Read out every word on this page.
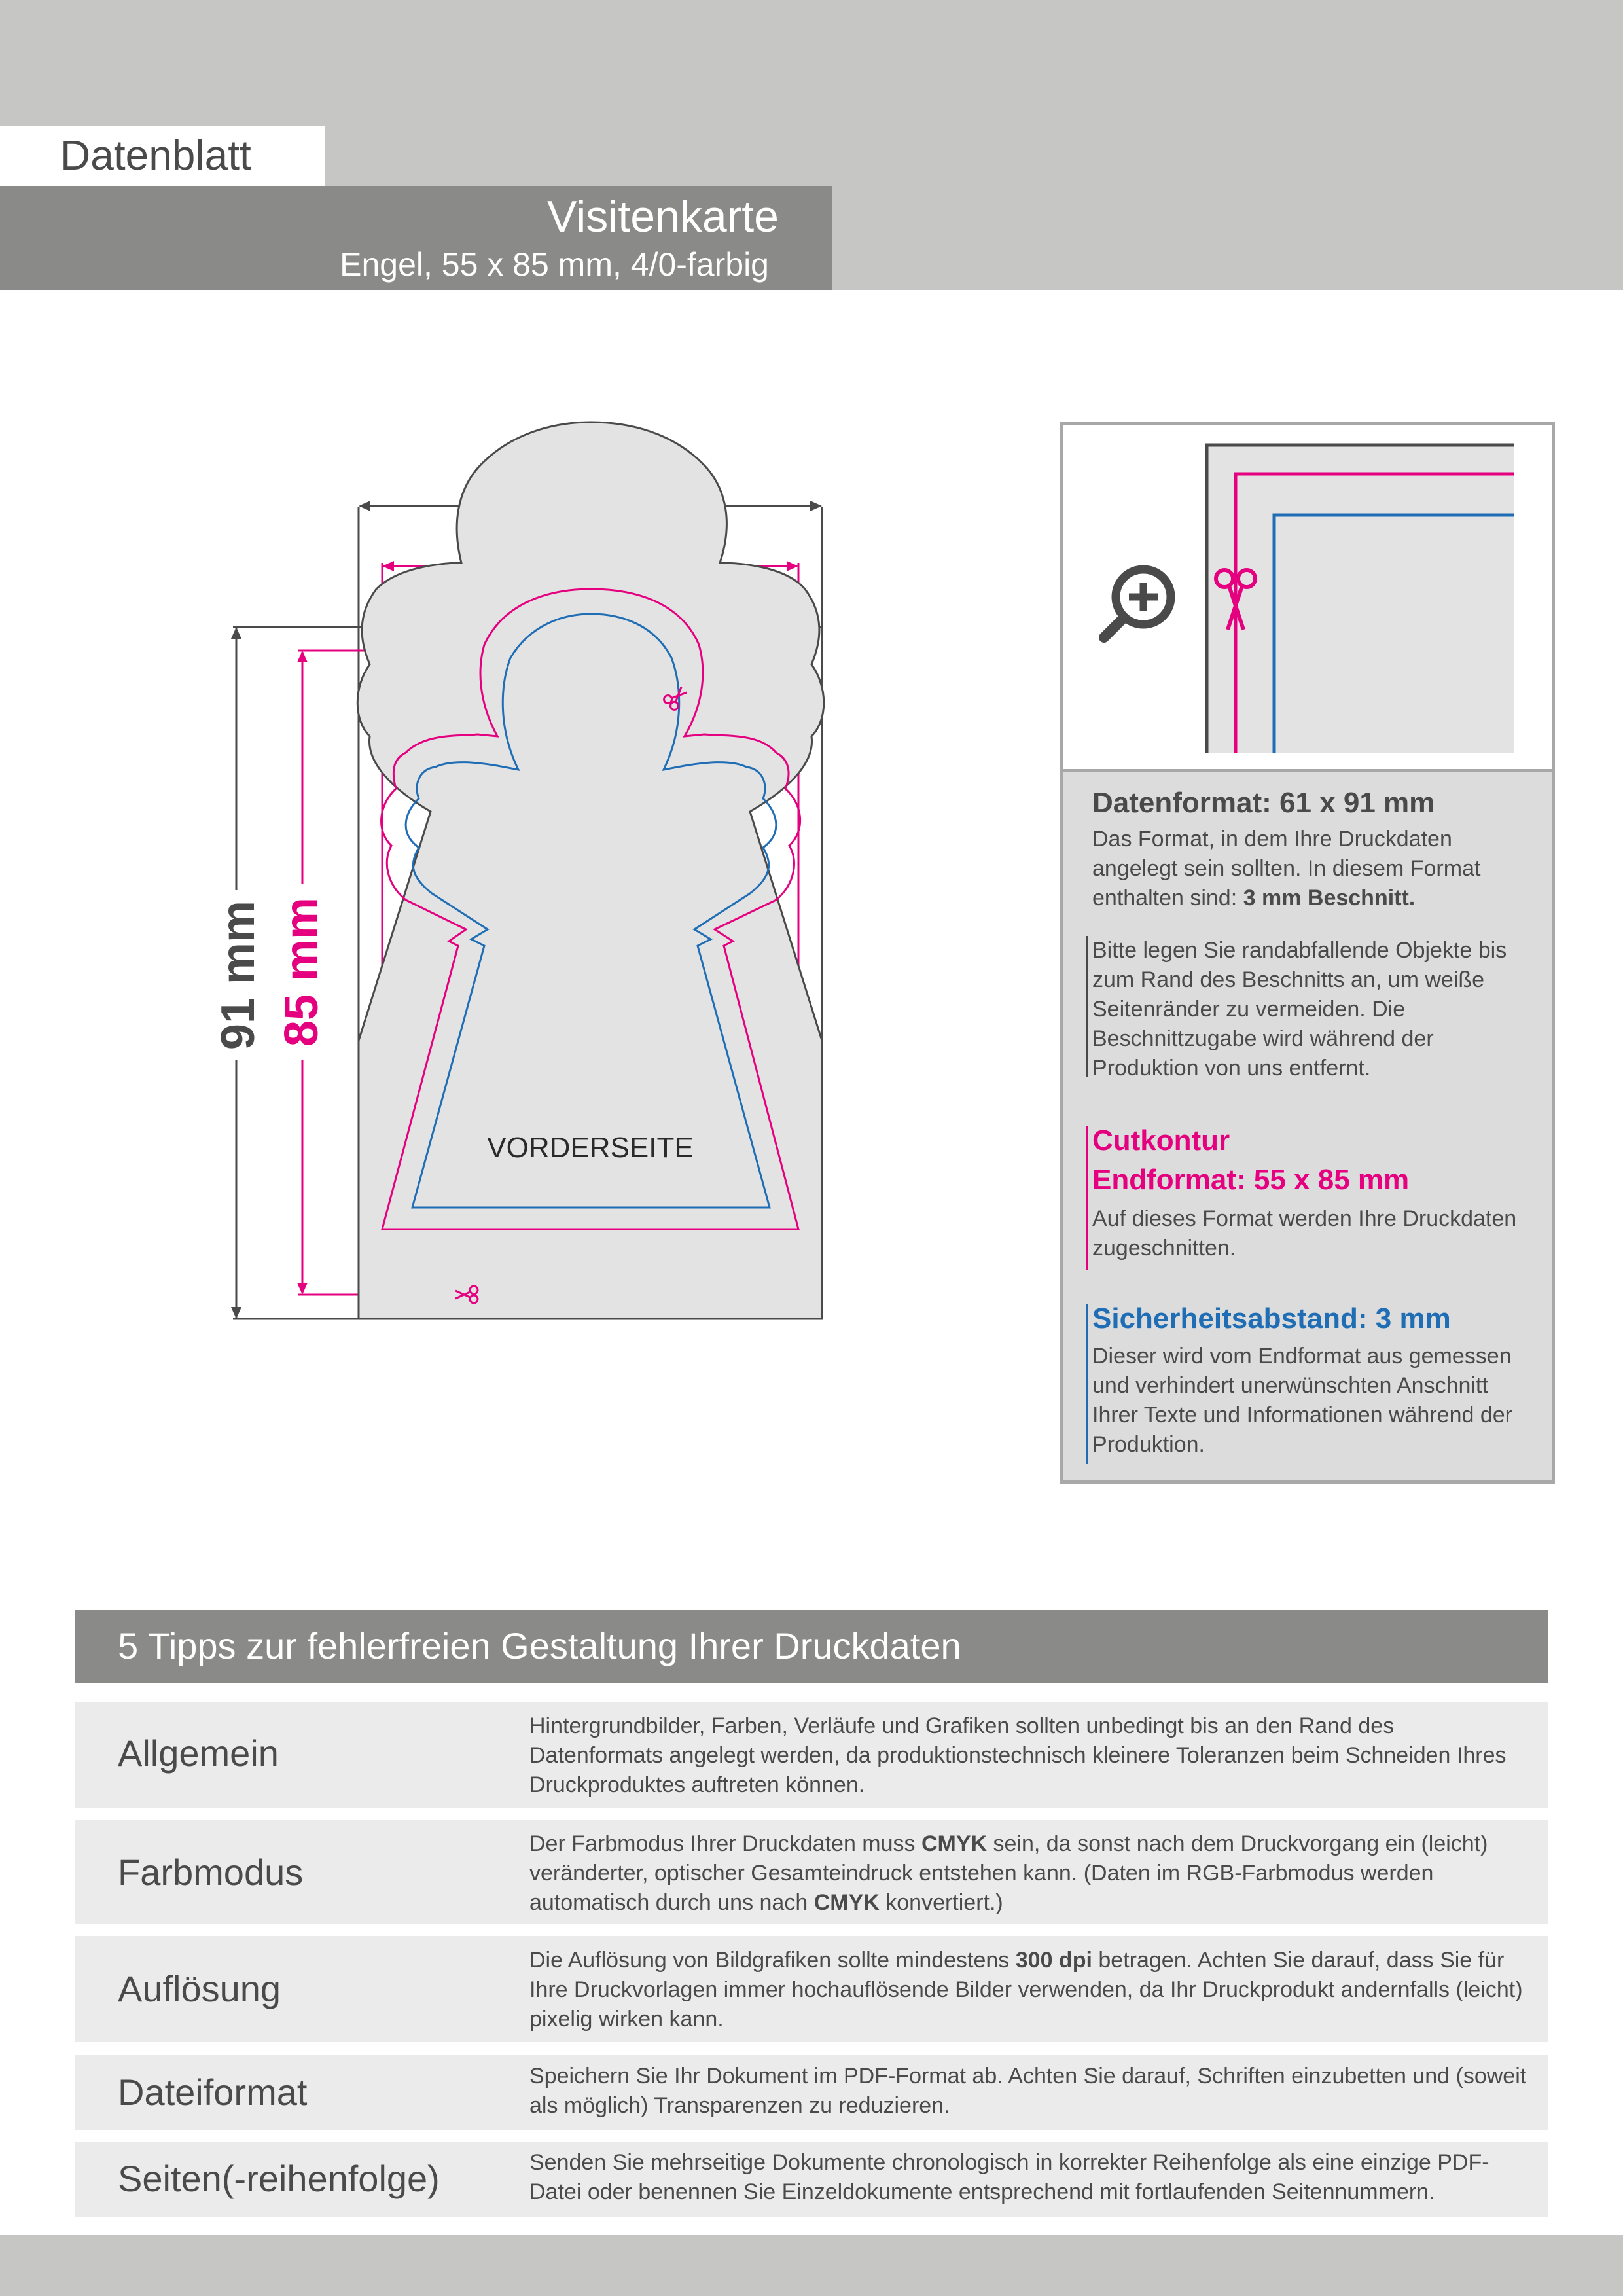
Datenblatt
Visitenkarte
Engel, 55 x 85 mm, 4/0-farbig
91 mm 85 mm
VORDERSEITE
Datenformat: 61 x 91 mm
Das Format, in dem Ihre Druckdaten angelegt sein sollten. In diesem Format enthalten sind: 3 mm Beschnitt.
Bitte legen Sie randabfallende Objekte bis zum Rand des Beschnitts an, um weiße Seitenränder zu vermeiden. Die Beschnittzugabe wird während der Produktion von uns entfernt.
Cutkontur
Endformat: 55 x 85 mm
Auf dieses Format werden Ihre Druckdaten zugeschnitten.
Sicherheitsabstand: 3 mm
Dieser wird vom Endformat aus gemessen und verhindert unerwünschten Anschnitt Ihrer Texte und Informationen während der Produktion.
5 Tipps zur fehlerfreien Gestaltung Ihrer Druckdaten
Allgemein
Hintergrundbilder, Farben, Verläufe und Grafiken sollten unbedingt bis an den Rand des Datenformats angelegt werden, da produktionstechnisch kleinere Toleranzen beim Schneiden Ihres Druckproduktes auftreten können.
Farbmodus
Der Farbmodus Ihrer Druckdaten muss CMYK sein, da sonst nach dem Druckvorgang ein (leicht) veränderter, optischer Gesamteindruck entstehen kann. (Daten im RGB-Farbmodus werden automatisch durch uns nach CMYK konvertiert.)
Auflösung
Die Auflösung von Bildgrafiken sollte mindestens 300 dpi betragen. Achten Sie darauf, dass Sie für Ihre Druckvorlagen immer hochauflösende Bilder verwenden, da Ihr Druckprodukt andernfalls (leicht) pixelig wirken kann.
Dateiformat	Speichern Sie Ihr Dokument im PDF-Format ab. Achten Sie darauf, Schriften einzubetten und (soweit als möglich) Transparenzen zu reduzieren.
Seiten(-reihenfolge)	Senden Sie mehrseitige Dokumente chronologisch in korrekter Reihenfolge als eine einzige PDF-Datei oder benennen Sie Einzeldokumente entsprechend mit fortlaufenden Seitennummern.
